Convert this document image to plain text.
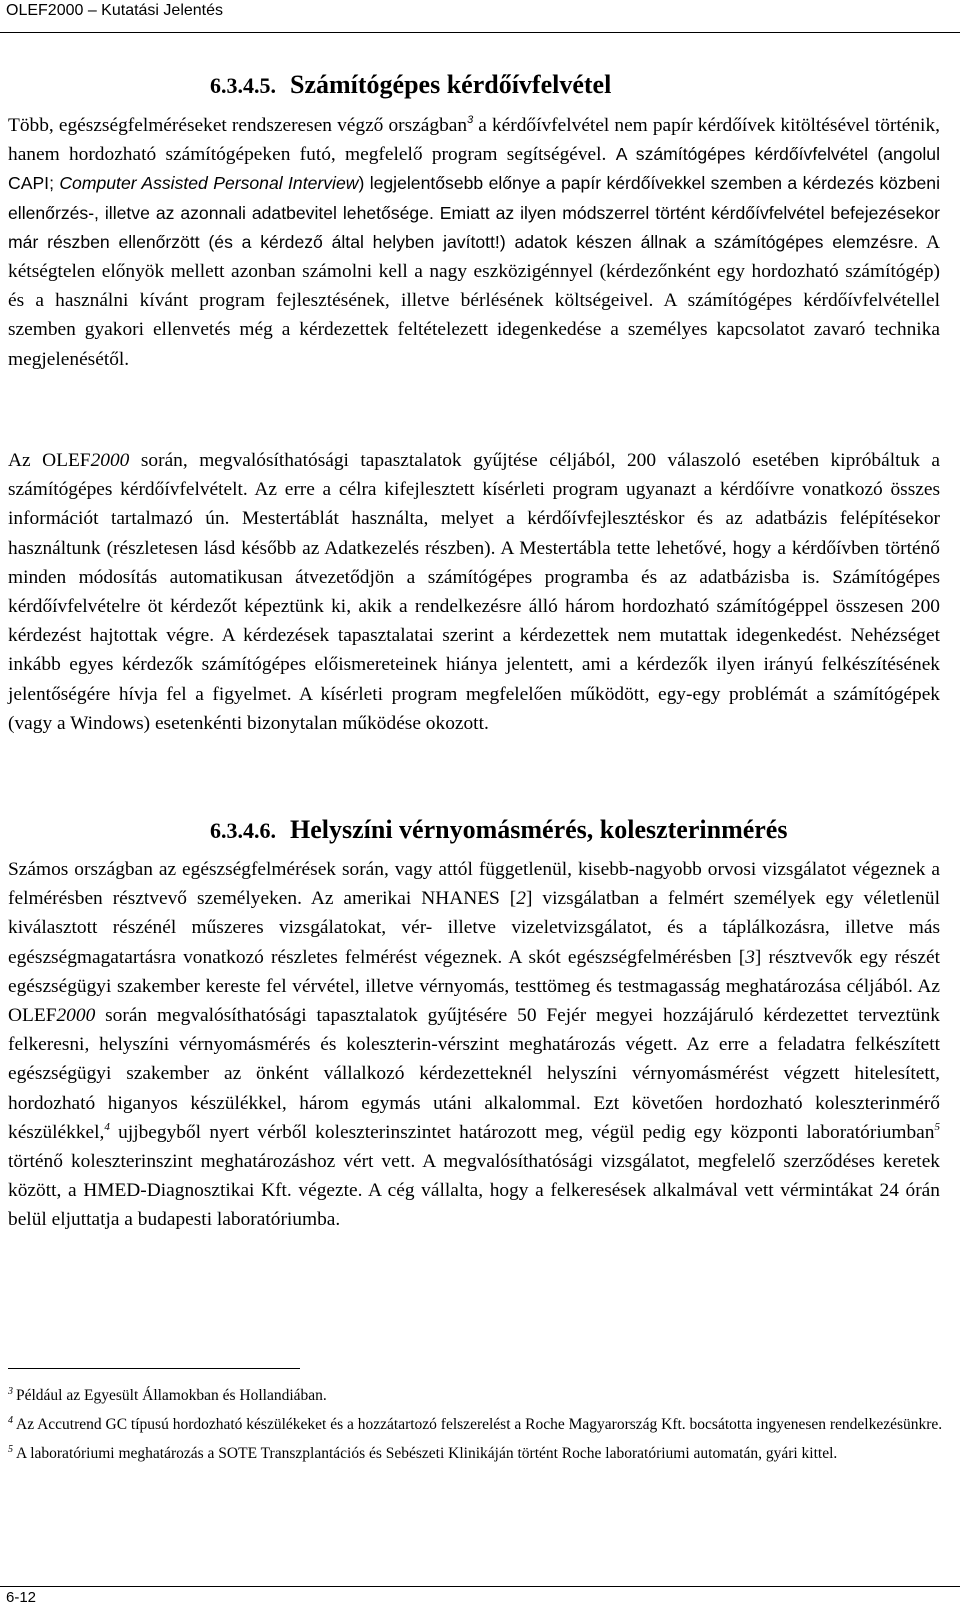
OLEF2000 – Kutatási Jelentés
6.3.4.5. Számítógépes kérdőívfelvétel
Több, egészségfelméréseket rendszeresen végző országban$^3$ a kérdőívfelvétel nem papír kérdőívek kitöltésével történik, hanem hordozható számítógépeken futó, megfelelő program segítségével. A számítógépes kérdőívfelvétel (angolul CAPI; Computer Assisted Personal Interview) legjelentősebb előnye a papír kérdőívekkel szemben a kérdezés közbeni ellenőrzés-, illetve az azonnali adatbevitel lehetősége. Emiatt az ilyen módszerrel történt kérdőívfelvétel befejezésekor már részben ellenőrzött (és a kérdező által helyben javított!) adatok készen állnak a számítógépes elemzésre. A kétségtelen előnyök mellett azonban számolni kell a nagy eszközigénnyel (kérdezőnként egy hordozható számítógép) és a használni kívánt program fejlesztésének, illetve bérlésének költségeivel. A számítógépes kérdőívfelvétellel szemben gyakori ellenvetés még a kérdezettek feltételezett idegenkedése a személyes kapcsolatot zavaró technika megjelenésétől.
Az OLEF2000 során, megvalósíthatósági tapasztalatok gyűjtése céljából, 200 válaszoló esetében kipróbáltuk a számítógépes kérdőívfelvételt. Az erre a célra kifejlesztett kísérleti program ugyanazt a kérdőívre vonatkozó összes információt tartalmazó ún. Mestertáblát használta, melyet a kérdőívfejlesztéskor és az adatbázis felépítésekor használtunk (részletesen lásd később az Adatkezelés részben). A Mestertábla tette lehetővé, hogy a kérdőívben történő minden módosítás automatikusan átvezetődjön a számítógépes programba és az adatbázisba is. Számítógépes kérdőívfelvételre öt kérdezőt képeztünk ki, akik a rendelkezésre álló három hordozható számítógéppel összesen 200 kérdezést hajtottak végre. A kérdezések tapasztalatai szerint a kérdezettek nem mutattak idegenkedést. Nehézséget inkább egyes kérdezők számítógépes előismereteinek hiánya jelentett, ami a kérdezők ilyen irányú felkészítésének jelentőségére hívja fel a figyelmet. A kísérleti program megfelelően működött, egy-egy problémát a számítógépek (vagy a Windows) esetenkénti bizonytalan működése okozott.
6.3.4.6. Helyszíni vérnyomásmérés, koleszterinmérés
Számos országban az egészségfelmérések során, vagy attól függetlenül, kisebb-nagyobb orvosi vizsgálatot végeznek a felmérésben résztvevő személyeken. Az amerikai NHANES [2] vizsgálatban a felmért személyek egy véletlenül kiválasztott részénél műszeres vizsgálatokat, vér- illetve vizeletvizsgálatot, és a táplálkozásra, illetve más egészségmagatartásra vonatkozó részletes felmérést végeznek. A skót egészségfelmérésben [3] résztvevők egy részét egészségügyi szakember kereste fel vérvétel, illetve vérnyomás, testtömeg és testmagasság meghatározása céljából. Az OLEF2000 során megvalósíthatósági tapasztalatok gyűjtésére 50 Fejér megyei hozzájáruló kérdezettet terveztünk felkeresni, helyszíni vérnyomásmérés és koleszterin-vérszint meghatározás végett. Az erre a feladatra felkészített egészségügyi szakember az önként vállalkozó kérdezetteknél helyszíni vérnyomásmérést végzett hitelesített, hordozható higanyos készülékkel, három egymás utáni alkalommal. Ezt követően hordozható koleszterinmérő készülékkel,$^4$ ujjbegyből nyert vérből koleszterinszintet határozott meg, végül pedig egy központi laboratóriumban$^5$ történő koleszterinszint meghatározáshoz vért vett. A megvalósíthatósági vizsgálatot, megfelelő szerződéses keretek között, a HMED-Diagnosztikai Kft. végezte. A cég vállalta, hogy a felkeresések alkalmával vett vérmintákat 24 órán belül eljuttatja a budapesti laboratóriumba.
$^3$ Például az Egyesült Államokban és Hollandiában.
$^4$ Az Accutrend GC típusú hordozható készülékeket és a hozzátartozó felszerelést a Roche Magyarország Kft. bocsátotta ingyenesen rendelkezésünkre.
$^5$ A laboratóriumi meghatározás a SOTE Transzplantációs és Sebészeti Klinikáján történt Roche laboratóriumi automatán, gyári kittel.
6-12
